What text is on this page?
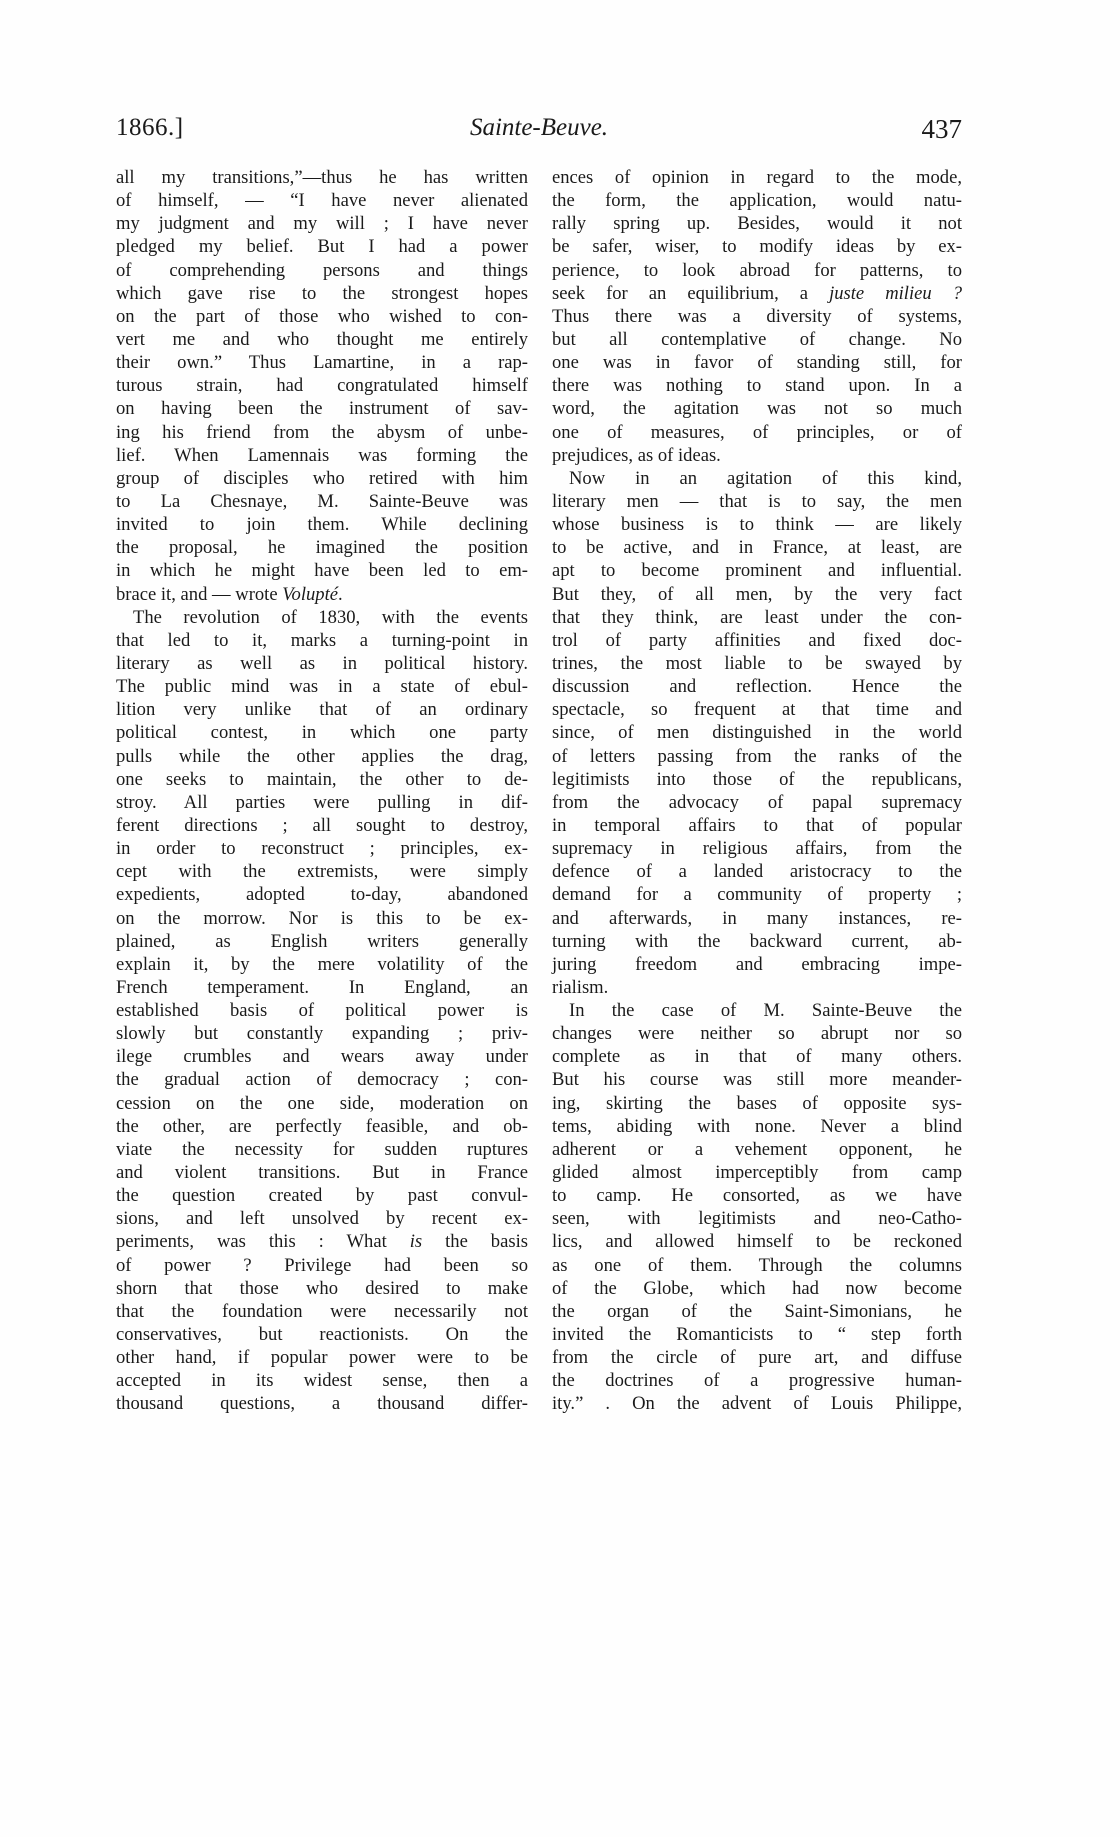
1866.]	Sainte-Beuve.	437
all my transitions,”—thus he has written
of himself, — “I have never alienated
my judgment and my will ; I have never
pledged my belief. But I had a power
of comprehending persons and things
which gave rise to the strongest hopes
on the part of those who wished to con-
vert me and who thought me entirely
their own.” Thus Lamartine, in a rap-
turous strain, had congratulated himself
on having been the instrument of sav-
ing his friend from the abysm of unbe-
lief. When Lamennais was forming the
group of disciples who retired with him
to La Chesnaye, M. Sainte-Beuve was
invited to join them. While declining
the proposal, he imagined the position
in which he might have been led to em-
brace it, and — wrote Volupté.
The revolution of 1830, with the events
that led to it, marks a turning-point in
literary as well as in political history.
The public mind was in a state of ebul-
lition very unlike that of an ordinary
political contest, in which one party
pulls while the other applies the drag,
one seeks to maintain, the other to de-
stroy. All parties were pulling in dif-
ferent directions ; all sought to destroy,
in order to reconstruct ; principles, ex-
cept with the extremists, were simply
expedients, adopted to-day, abandoned
on the morrow. Nor is this to be ex-
plained, as English writers generally
explain it, by the mere volatility of the
French temperament. In England, an
established basis of political power is
slowly but constantly expanding ; priv-
ilege crumbles and wears away under
the gradual action of democracy ; con-
cession on the one side, moderation on
the other, are perfectly feasible, and ob-
viate the necessity for sudden ruptures
and violent transitions. But in France
the question created by past convul-
sions, and left unsolved by recent ex-
periments, was this : What is the basis
of power ? Privilege had been so
shorn that those who desired to make
that the foundation were necessarily not
conservatives, but reactionists. On the
other hand, if popular power were to be
accepted in its widest sense, then a
thousand questions, a thousand differ-
ences of opinion in regard to the mode,
the form, the application, would natu-
rally spring up. Besides, would it not
be safer, wiser, to modify ideas by ex-
perience, to look abroad for patterns, to
seek for an equilibrium, a juste milieu ?
Thus there was a diversity of systems,
but all contemplative of change. No
one was in favor of standing still, for
there was nothing to stand upon. In a
word, the agitation was not so much
one of measures, of principles, or of
prejudices, as of ideas.
Now in an agitation of this kind,
literary men — that is to say, the men
whose business is to think — are likely
to be active, and in France, at least, are
apt to become prominent and influential.
But they, of all men, by the very fact
that they think, are least under the con-
trol of party affinities and fixed doc-
trines, the most liable to be swayed by
discussion and reflection. Hence the
spectacle, so frequent at that time and
since, of men distinguished in the world
of letters passing from the ranks of the
legitimists into those of the republicans,
from the advocacy of papal supremacy
in temporal affairs to that of popular
supremacy in religious affairs, from the
defence of a landed aristocracy to the
demand for a community of property ;
and afterwards, in many instances, re-
turning with the backward current, ab-
juring freedom and embracing impe-
rialism.
In the case of M. Sainte-Beuve the
changes were neither so abrupt nor so
complete as in that of many others.
But his course was still more meander-
ing, skirting the bases of opposite sys-
tems, abiding with none. Never a blind
adherent or a vehement opponent, he
glided almost imperceptibly from camp
to camp. He consorted, as we have
seen, with legitimists and neo-Catho-
lics, and allowed himself to be reckoned
as one of them. Through the columns
of the Globe, which had now become
the organ of the Saint-Simonians, he
invited the Romanticists to “ step forth
from the circle of pure art, and diffuse
the doctrines of a progressive human-
ity.” . On the advent of Louis Philippe,
